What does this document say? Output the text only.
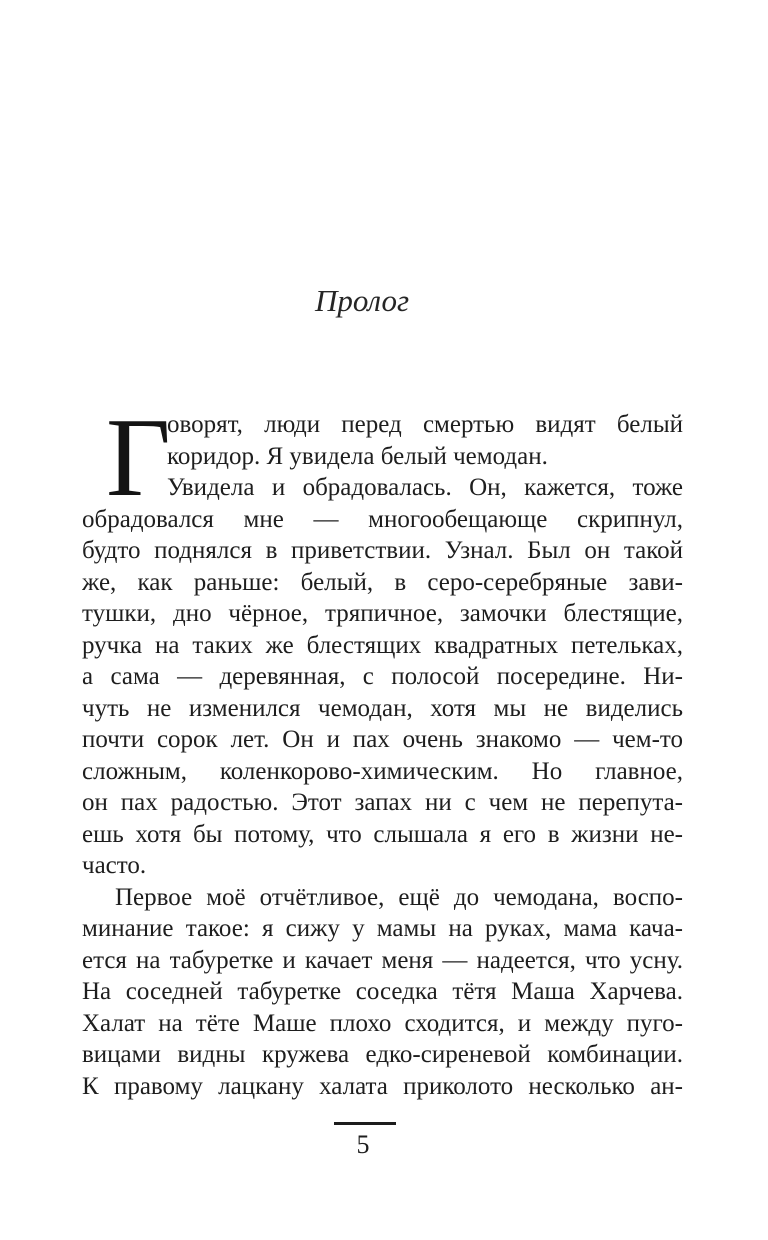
Пролог
Г
оворят, люди перед смертью видят белый
коридор. Я увидела белый чемодан.
Увидела и обрадовалась. Он, кажется, тоже
обрадовался мне — многообещающе скрипнул,
будто поднялся в приветствии. Узнал. Был он такой
же, как раньше: белый, в серо-серебряные зави-
тушки, дно чёрное, тряпичное, замочки блестящие,
ручка на таких же блестящих квадратных петельках,
а сама — деревянная, с полосой посередине. Ни-
чуть не изменился чемодан, хотя мы не виделись
почти сорок лет. Он и пах очень знакомо — чем-то
сложным, коленкорово-химическим. Но главное,
он пах радостью. Этот запах ни с чем не перепута-
ешь хотя бы потому, что слышала я его в жизни не-
часто.
Первое моё отчётливое, ещё до чемодана, воспо-
минание такое: я сижу у мамы на руках, мама кача-
ется на табуретке и качает меня — надеется, что усну.
На соседней табуретке соседка тётя Маша Харчева.
Халат на тёте Маше плохо сходится, и между пуго-
вицами видны кружева едко-сиреневой комбинации.
К правому лацкану халата приколото несколько ан-
5
